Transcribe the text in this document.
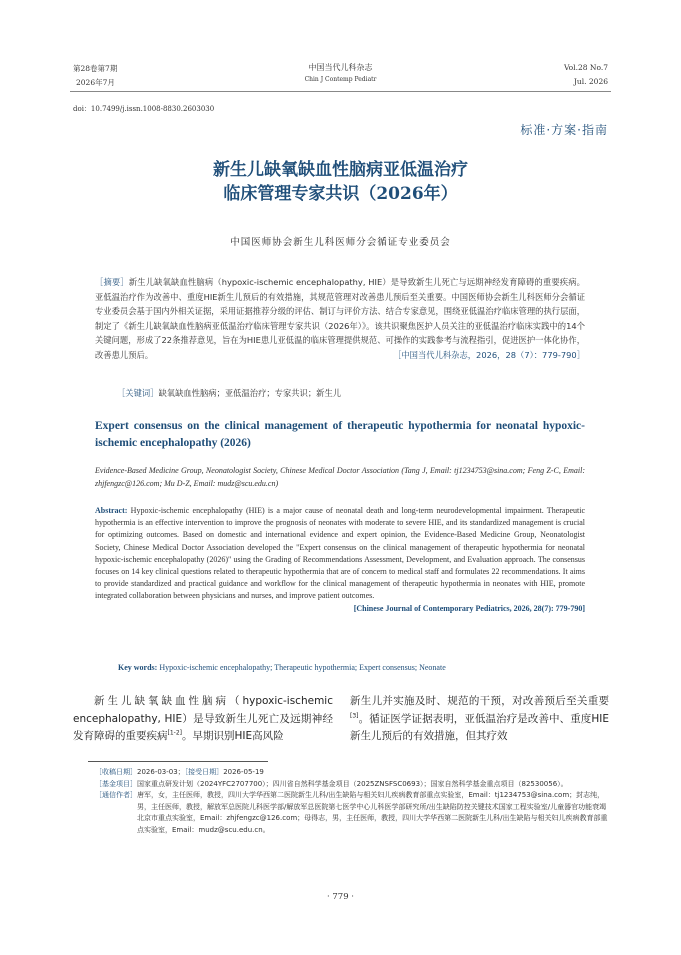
第28卷第7期
2026年7月
中国当代儿科杂志
Chin J Contemp Pediatr
Vol.28 No.7
Jul. 2026
doi：10.7499/j.issn.1008-8830.2603030
标准·方案·指南
新生儿缺氧缺血性脑病亚低温治疗
临床管理专家共识（2026年）
中国医师协会新生儿科医师分会循证专业委员会
［摘要］新生儿缺氧缺血性脑病（hypoxic-ischemic encephalopathy, HIE）是导致新生儿死亡与远期神经发育障碍的重要疾病。亚低温治疗作为改善中、重度HIE新生儿预后的有效措施，其规范管理对改善患儿预后至关重要。中国医师协会新生儿科医师分会循证专业委员会基于国内外相关证据，采用证据推荐分级的评估、制订与评价方法、结合专家意见，围绕亚低温治疗临床管理的执行层面，制定了《新生儿缺氧缺血性脑病亚低温治疗临床管理专家共识（2026年）》。该共识聚焦医护人员关注的亚低温治疗临床实践中的14个关键问题，形成了22条推荐意见，旨在为HIE患儿亚低温的临床管理提供规范、可操作的实践参考与流程指引，促进医护一体化协作，改善患儿预后。	［中国当代儿科杂志，2026，28（7）：779-790］
［关键词］缺氧缺血性脑病；亚低温治疗；专家共识；新生儿
Expert consensus on the clinical management of therapeutic hypothermia for neonatal hypoxic-ischemic encephalopathy (2026)
Evidence-Based Medicine Group, Neonatologist Society, Chinese Medical Doctor Association (Tang J, Email: tj1234753@sina.com; Feng Z-C, Email: zhjfengzc@126.com; Mu D-Z, Email: mudz@scu.edu.cn)
Abstract: Hypoxic-ischemic encephalopathy (HIE) is a major cause of neonatal death and long-term neurodevelopmental impairment. Therapeutic hypothermia is an effective intervention to improve the prognosis of neonates with moderate to severe HIE, and its standardized management is crucial for optimizing outcomes. Based on domestic and international evidence and expert opinion, the Evidence-Based Medicine Group, Neonatologist Society, Chinese Medical Doctor Association developed the "Expert consensus on the clinical management of therapeutic hypothermia for neonatal hypoxic-ischemic encephalopathy (2026)" using the Grading of Recommendations Assessment, Development, and Evaluation approach. The consensus focuses on 14 key clinical questions related to therapeutic hypothermia that are of concern to medical staff and formulates 22 recommendations. It aims to provide standardized and practical guidance and workflow for the clinical management of therapeutic hypothermia in neonates with HIE, promote integrated collaboration between physicians and nurses, and improve patient outcomes.
[Chinese Journal of Contemporary Pediatrics, 2026, 28(7): 779-790]
Key words: Hypoxic-ischemic encephalopathy; Therapeutic hypothermia; Expert consensus; Neonate
新生儿缺氧缺血性脑病（hypoxic-ischemic encephalopathy, HIE）是导致新生儿死亡及远期神经发育障碍的重要疾病[1-2]。早期识别HIE高风险
新生儿并实施及时、规范的干预，对改善预后至关重要[3]。循证医学证据表明，亚低温治疗是改善中、重度HIE新生儿预后的有效措施，但其疗效
［收稿日期］2026-03-03；［接受日期］2026-05-19
［基金项目］ 国家重点研发计划（2024YFC2707700）；四川省自然科学基金项目（2025ZNSFSC0693）；国家自然科学基金重点项目（82530056）。
［通信作者］ 唐军，女，主任医师，教授，四川大学华西第二医院新生儿科/出生缺陷与相关妇儿疾病教育部重点实验室，Email：tj1234753@sina.com；封志纯，男，主任医师，教授，解放军总医院儿科医学部/解放军总医院第七医学中心儿科医学部研究所/出生缺陷防控关键技术国家工程实验室/儿童器官功能衰竭北京市重点实验室，Email：zhjfengzc@126.com；母得志，男，主任医师，教授，四川大学华西第二医院新生儿科/出生缺陷与相关妇儿疾病教育部重点实验室，Email：mudz@scu.edu.cn。
· 779 ·
